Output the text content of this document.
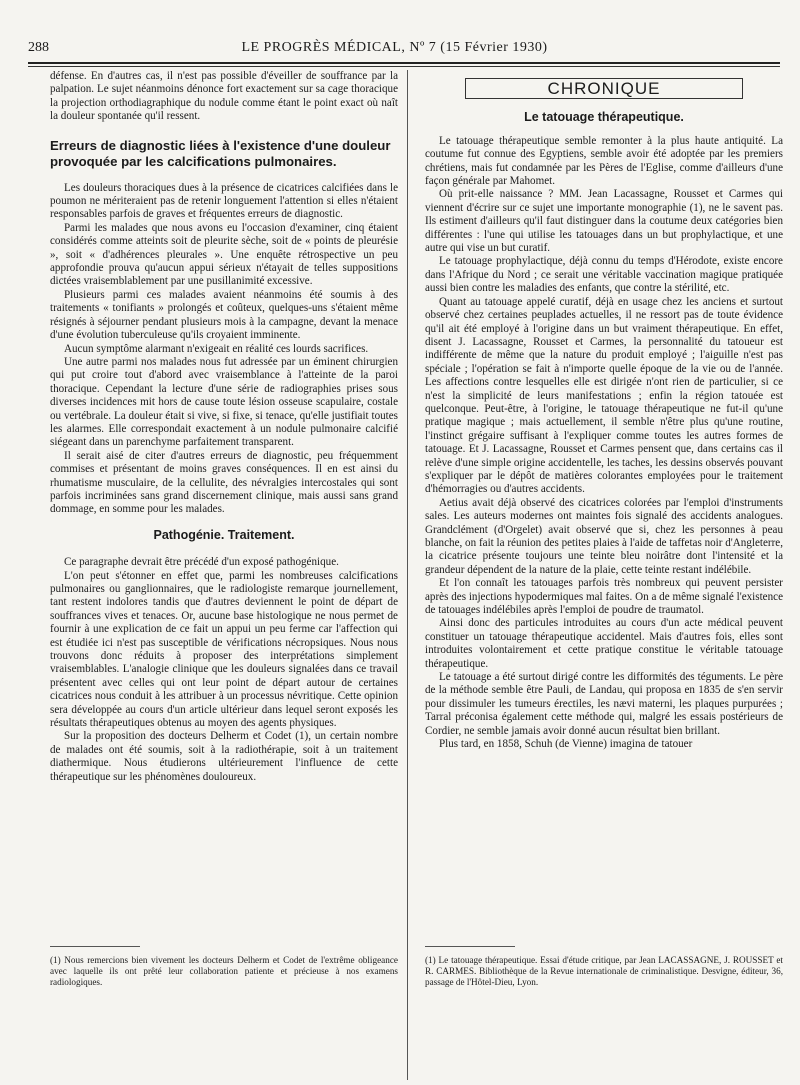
288	LE PROGRÈS MÉDICAL, Nº 7 (15 Février 1930)

défense. En d'autres cas, il n'est pas possible d'éveiller de souffrance par la palpation. Le sujet néanmoins dénonce fort exactement sur sa cage thoracique la projection orthodiagraphique du nodule comme étant le point exact où naît la douleur spontanée qu'il ressent.

Erreurs de diagnostic liées à l'existence d'une douleur provoquée par les calcifications pulmonaires.

Les douleurs thoraciques dues à la présence de cicatrices calcifiées dans le poumon ne mériteraient pas de retenir longuement l'attention si elles n'étaient responsables parfois de graves et fréquentes erreurs de diagnostic.

Parmi les malades que nous avons eu l'occasion d'examiner, cinq étaient considérés comme atteints soit de pleurite sèche, soit de « points de pleurésie », soit « d'adhérences pleurales ». Une enquête rétrospective un peu approfondie prouva qu'aucun appui sérieux n'étayait de telles suppositions dictées vraisemblablement par une pusillanimité excessive.

Plusieurs parmi ces malades avaient néanmoins été soumis à des traitements « tonifiants » prolongés et coûteux, quelques-uns s'étaient même résignés à séjourner pendant plusieurs mois à la campagne, devant la menace d'une évolution tuberculeuse qu'ils croyaient imminente.

Aucun symptôme alarmant n'exigeait en réalité ces lourds sacrifices.

Une autre parmi nos malades nous fut adressée par un éminent chirurgien qui put croire tout d'abord avec vraisemblance à l'atteinte de la paroi thoracique. Cependant la lecture d'une série de radiographies prises sous diverses incidences mit hors de cause toute lésion osseuse scapulaire, costale ou vertébrale. La douleur était si vive, si fixe, si tenace, qu'elle justifiait toutes les alarmes. Elle correspondait exactement à un nodule pulmonaire calcifié siégeant dans un parenchyme parfaitement transparent.

Il serait aisé de citer d'autres erreurs de diagnostic, peu fréquemment commises et présentant de moins graves conséquences. Il en est ainsi du rhumatisme musculaire, de la cellulite, des névralgies intercostales qui sont parfois incriminées sans grand discernement clinique, mais aussi sans grand dommage, en somme pour les malades.

Pathogénie. Traitement.

Ce paragraphe devrait être précédé d'un exposé pathogénique.

L'on peut s'étonner en effet que, parmi les nombreuses calcifications pulmonaires ou ganglionnaires, que le radiologiste remarque journellement, tant restent indolores tandis que d'autres deviennent le point de départ de souffrances vives et tenaces. Or, aucune base histologique ne nous permet de fournir à une explication de ce fait un appui un peu ferme car l'affection qui est étudiée ici n'est pas susceptible de vérifications nécropsiques. Nous nous trouvons donc réduits à proposer des interprétations simplement vraisemblables. L'analogie clinique que les douleurs signalées dans ce travail présentent avec celles qui ont leur point de départ autour de certaines cicatrices nous conduit à les attribuer à un processus névritique. Cette opinion sera développée au cours d'un article ultérieur dans lequel seront exposés les résultats thérapeutiques obtenus au moyen des agents physiques.

Sur la proposition des docteurs Delherm et Codet (1), un certain nombre de malades ont été soumis, soit à la radiothérapie, soit à un traitement diathermique. Nous étudierons ultérieurement l'influence de cette thérapeutique sur les phénomènes douloureux.

CHRONIQUE
Le tatouage thérapeutique.

Le tatouage thérapeutique semble remonter à la plus haute antiquité. La coutume fut connue des Egyptiens, semble avoir été adoptée par les premiers chrétiens, mais fut condamnée par les Pères de l'Eglise, comme d'ailleurs d'une façon générale par Mahomet.

Où prit-elle naissance ? MM. Jean Lacassagne, Rousset et Carmes qui viennent d'écrire sur ce sujet une importante monographie (1), ne le savent pas. Ils estiment d'ailleurs qu'il faut distinguer dans la coutume deux catégories bien différentes : l'une qui utilise les tatouages dans un but prophylactique, et une autre qui vise un but curatif.

Le tatouage prophylactique, déjà connu du temps d'Hérodote, existe encore dans l'Afrique du Nord ; ce serait une véritable vaccination magique pratiquée aussi bien contre les maladies des enfants, que contre la stérilité, etc.

Quant au tatouage appelé curatif, déjà en usage chez les anciens et surtout observé chez certaines peuplades actuelles, il ne ressort pas de toute évidence qu'il ait été employé à l'origine dans un but vraiment thérapeutique. En effet, disent J. Lacassagne, Rousset et Carmes, la personnalité du tatoueur est indifférente de même que la nature du produit employé ; l'aiguille n'est pas spéciale ; l'opération se fait à n'importe quelle époque de la vie ou de l'année. Les affections contre lesquelles elle est dirigée n'ont rien de particulier, si ce n'est la simplicité de leurs manifestations ; enfin la région tatouée est quelconque. Peut-être, à l'origine, le tatouage thérapeutique ne fut-il qu'une pratique magique ; mais actuellement, il semble n'être plus qu'une routine, l'instinct grégaire suffisant à l'expliquer comme toutes les autres formes de tatouage. Et J. Lacassagne, Rousset et Carmes pensent que, dans certains cas il relève d'une simple origine accidentelle, les taches, les dessins observés pouvant s'expliquer par le dépôt de matières colorantes employées pour le traitement d'hémorragies ou d'autres accidents.

Aetius avait déjà observé des cicatrices colorées par l'emploi d'instruments sales. Les auteurs modernes ont maintes fois signalé des accidents analogues. Grandclément (d'Orgelet) avait observé que si, chez les personnes à peau blanche, on fait la réunion des petites plaies à l'aide de taffetas noir d'Angleterre, la cicatrice présente toujours une teinte bleu noirâtre dont l'intensité et la grandeur dépendent de la nature de la plaie, cette teinte restant indélébile.

Et l'on connaît les tatouages parfois très nombreux qui peuvent persister après des injections hypodermiques mal faites. On a de même signalé l'existence de tatouages indélébiles après l'emploi de poudre de traumatol.

Ainsi donc des particules introduites au cours d'un acte médical peuvent constituer un tatouage thérapeutique accidentel. Mais d'autres fois, elles sont introduites volontairement et cette pratique constitue le véritable tatouage thérapeutique.

Le tatouage a été surtout dirigé contre les difformités des téguments. Le père de la méthode semble être Pauli, de Landau, qui proposa en 1835 de s'en servir pour dissimuler les tumeurs érectiles, les nævi materni, les plaques purpurées ; Tarral préconisa également cette méthode qui, malgré les essais postérieurs de Cordier, ne semble jamais avoir donné aucun résultat bien brillant.

Plus tard, en 1858, Schuh (de Vienne) imagina de tatouer

(1) Nous remercions bien vivement les docteurs Delherm et Codet de l'extrême obligeance avec laquelle ils ont prêté leur collaboration patiente et précieuse à nos examens radiologiques.
(1) Le tatouage thérapeutique. Essai d'étude critique, par Jean LACASSAGNE, J. ROUSSET et R. CARMES. Bibliothèque de la Revue internationale de criminalistique. Desvigne, éditeur, 36, passage de l'Hôtel-Dieu, Lyon.
